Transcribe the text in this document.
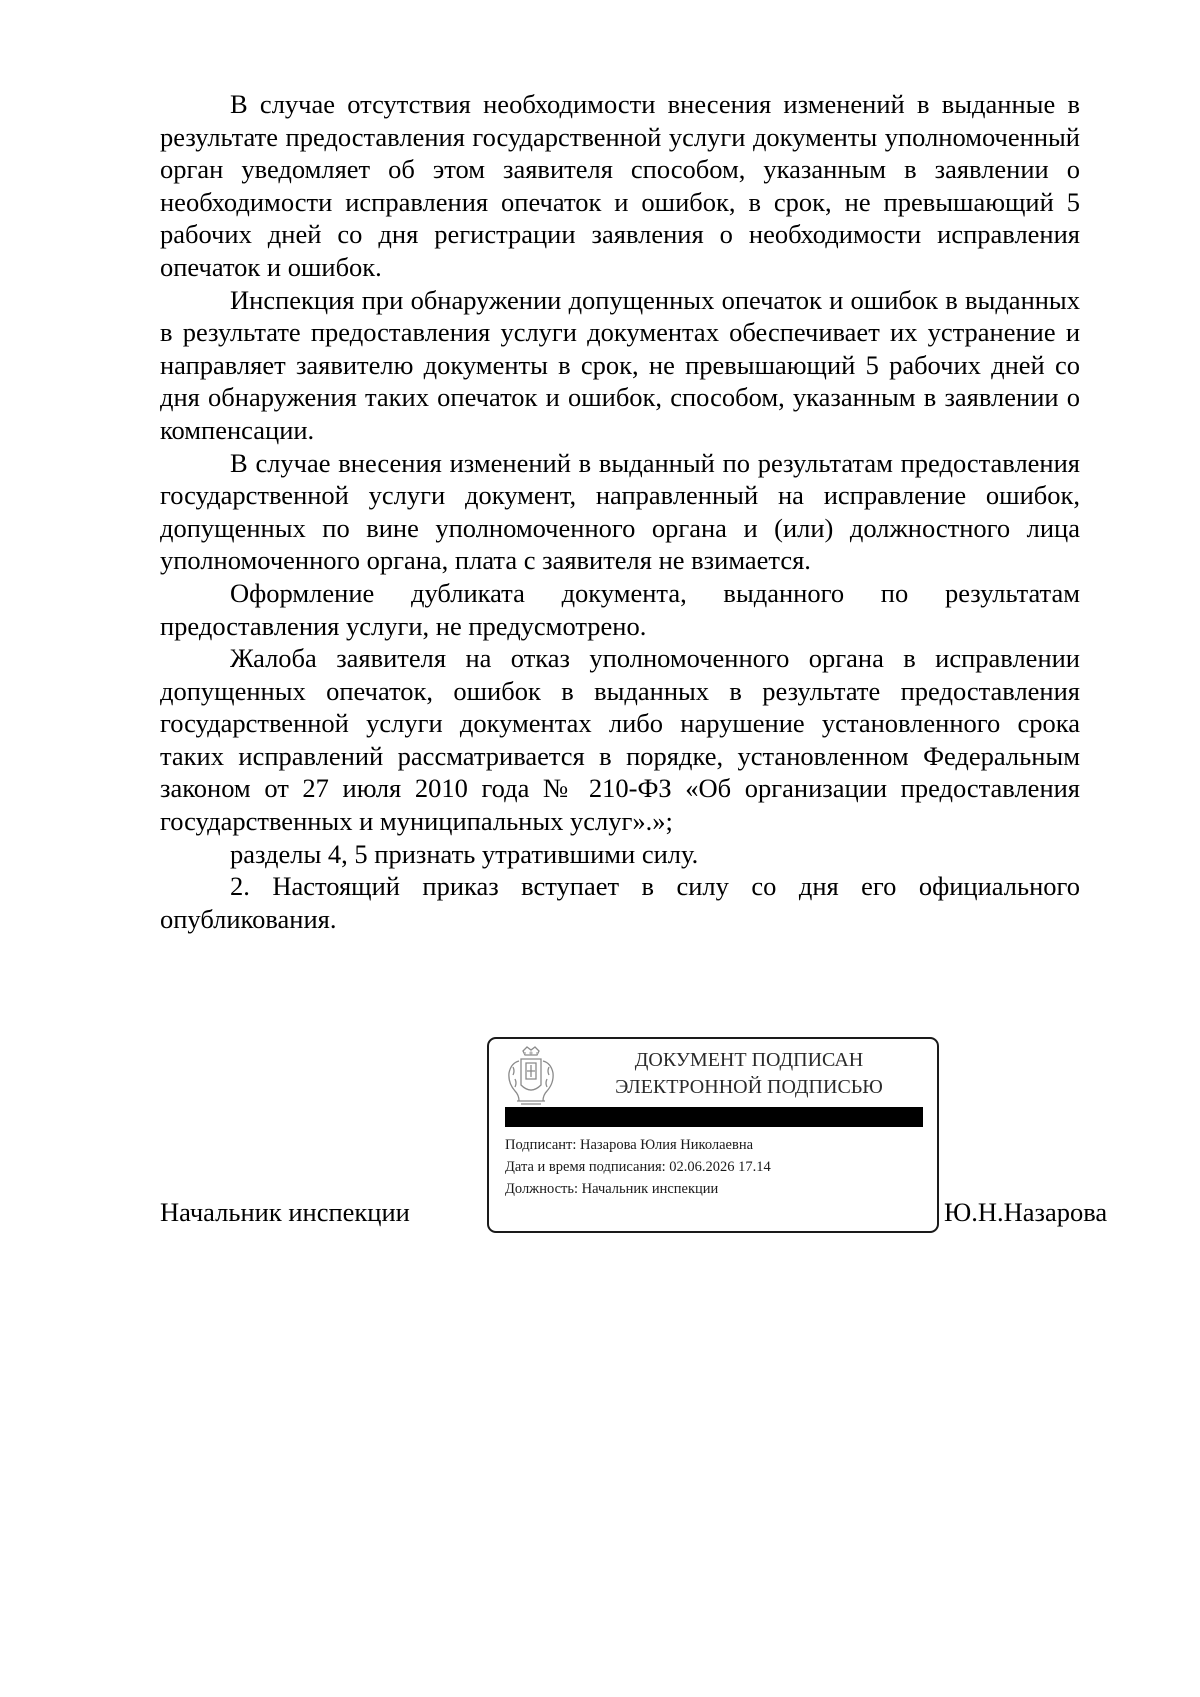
В случае отсутствия необходимости внесения изменений в выданные в результате предоставления государственной услуги документы уполномоченный орган уведомляет об этом заявителя способом, указанным в заявлении о необходимости исправления опечаток и ошибок, в срок, не превышающий 5 рабочих дней со дня регистрации заявления о необходимости исправления опечаток и ошибок.

Инспекция при обнаружении допущенных опечаток и ошибок в выданных в результате предоставления услуги документах обеспечивает их устранение и направляет заявителю документы в срок, не превышающий 5 рабочих дней со дня обнаружения таких опечаток и ошибок, способом, указанным в заявлении о компенсации.

В случае внесения изменений в выданный по результатам предоставления государственной услуги документ, направленный на исправление ошибок, допущенных по вине уполномоченного органа и (или) должностного лица уполномоченного органа, плата с заявителя не взимается.

Оформление дубликата документа, выданного по результатам предоставления услуги, не предусмотрено.

Жалоба заявителя на отказ уполномоченного органа в исправлении допущенных опечаток, ошибок в выданных в результате предоставления государственной услуги документах либо нарушение установленного срока таких исправлений рассматривается в порядке, установленном Федеральным законом от 27 июля 2010 года № 210-ФЗ «Об организации предоставления государственных и муниципальных услуг».»;

разделы 4, 5 признать утратившими силу.

2. Настоящий приказ вступает в силу со дня его официального опубликования.

Начальник инспекции	Ю.Н.Назарова
ДОКУМЕНТ ПОДПИСАН
ЭЛЕКТРОННОЙ ПОДПИСЬЮ
Подписант: Назарова Юлия Николаевна
Дата и время подписания: 02.06.2026 17.14
Должность: Начальник инспекции
